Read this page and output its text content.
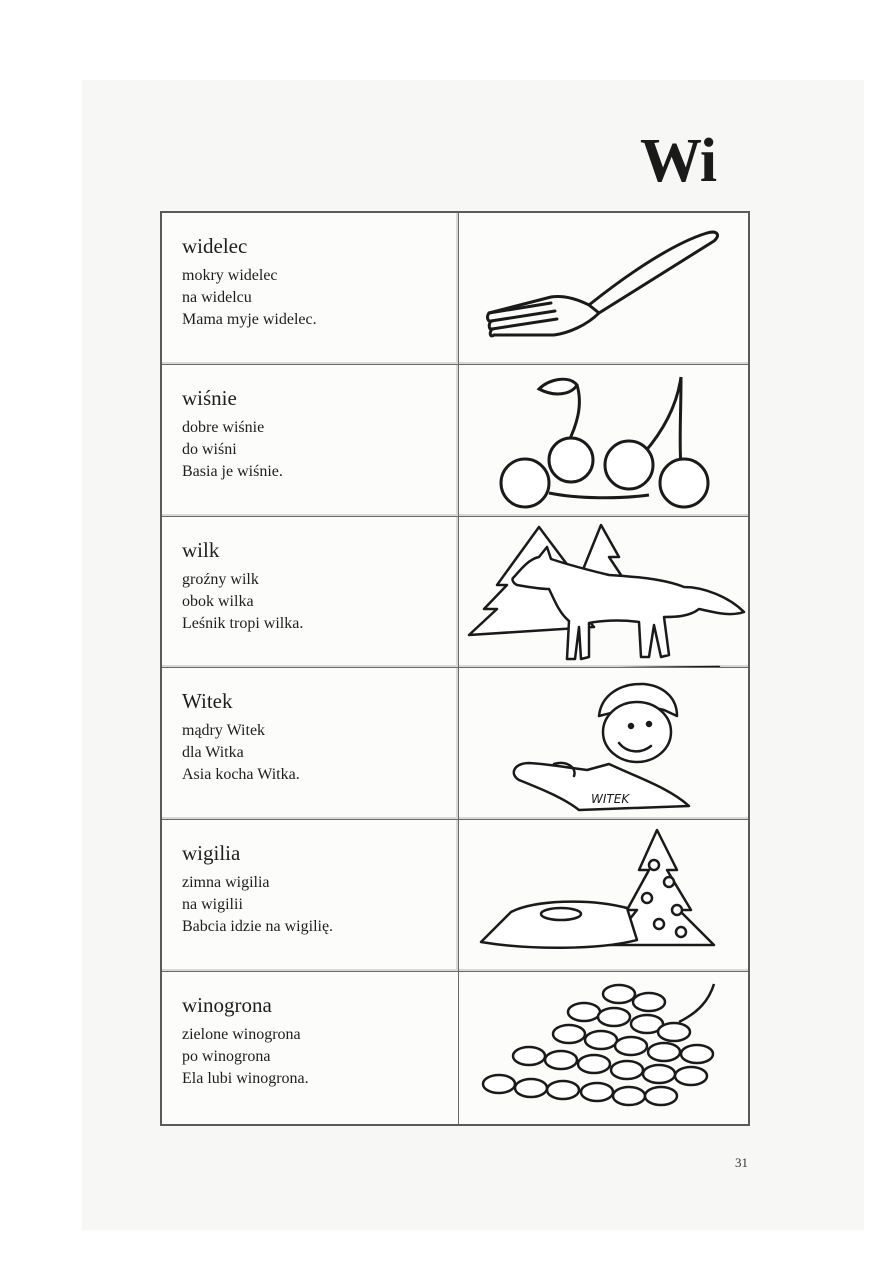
Wi
widelec
mokry widelec
na widelcu
Mama myje widelec.
wiśnie
dobre wiśnie
do wiśni
Basia je wiśnie.
wilk
groźny wilk
obok wilka
Leśnik tropi wilka.
Witek
mądry Witek
dla Witka
Asia kocha Witka.
WITEK
wigilia
zimna wigilia
na wigilii
Babcia idzie na wigilię.
winogrona
zielone winogrona
po winogrona
Ela lubi winogrona.
31
